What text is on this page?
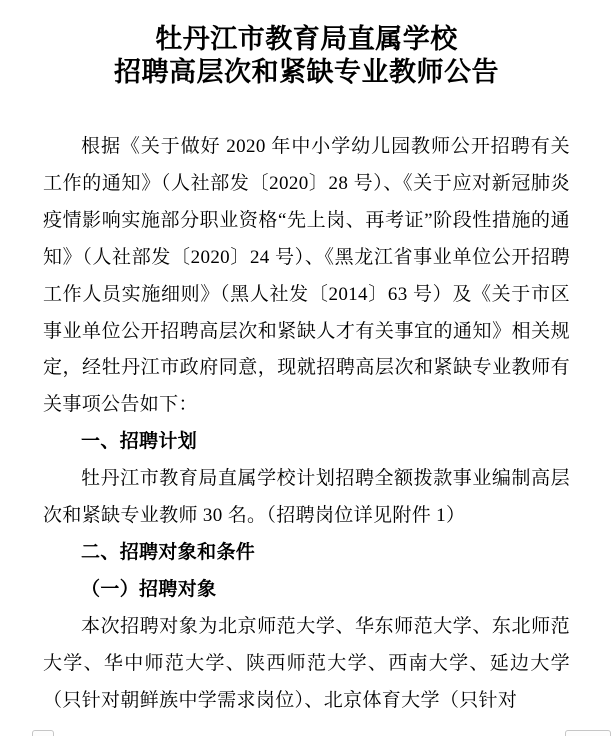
牡丹江市教育局直属学校
招聘高层次和紧缺专业教师公告

根据《关于做好 2020 年中小学幼儿园教师公开招聘有关工作的通知》（人社部发〔2020〕28 号）、《关于应对新冠肺炎疫情影响实施部分职业资格“先上岗、再考证”阶段性措施的通知》（人社部发〔2020〕24 号）、《黑龙江省事业单位公开招聘工作人员实施细则》（黑人社发〔2014〕63 号）及《关于市区事业单位公开招聘高层次和紧缺人才有关事宜的通知》相关规定，经牡丹江市政府同意，现就招聘高层次和紧缺专业教师有关事项公告如下：

一、招聘计划

牡丹江市教育局直属学校计划招聘全额拨款事业编制高层次和紧缺专业教师 30 名。（招聘岗位详见附件 1）

二、招聘对象和条件

（一）招聘对象

本次招聘对象为北京师范大学、华东师范大学、东北师范大学、华中师范大学、陕西师范大学、西南大学、延边大学（只针对朝鲜族中学需求岗位）、北京体育大学（只针对
